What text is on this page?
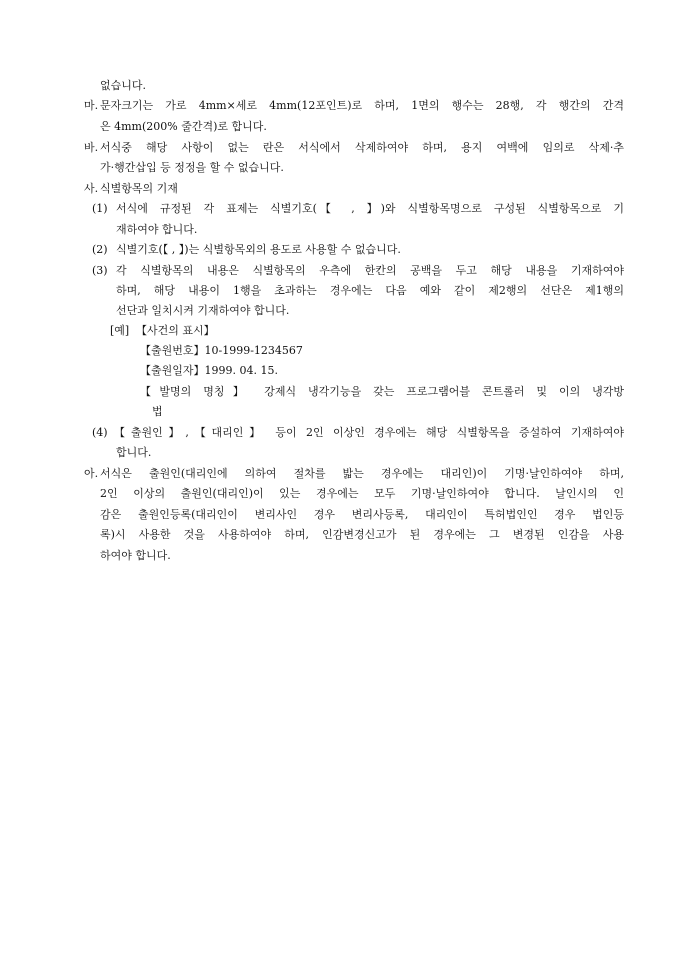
없습니다.
마. 문자크기는 가로 4mm×세로 4mm(12포인트)로 하며, 1면의 행수는 28행, 각 행간의 간격
은 4mm(200% 줄간격)로 합니다.
바. 서식중 해당 사항이 없는 란은 서식에서 삭제하여야 하며, 용지 여백에 임의로 삭제·추
가·행간삽입 등 정정을 할 수 없습니다.
사. 식별항목의 기재
(1) 서식에 규정된 각 표제는 식별기호(【 , 】)와 식별항목명으로 구성된 식별항목으로 기
재하여야 합니다.
(2) 식별기호(【 , 】)는 식별항목외의 용도로 사용할 수 없습니다.
(3) 각 식별항목의 내용은 식별항목의 우측에 한칸의 공백을 두고 해당 내용을 기재하여야
하며, 해당 내용이 1행을 초과하는 경우에는 다음 예와 같이 제2행의 선단은 제1행의
선단과 일치시켜 기재하여야 합니다.
[예] 【사건의 표시】
【출원번호】10-1999-1234567
【출원일자】1999. 04. 15.
【발명의 명칭】 강제식 냉각기능을 갖는 프로그램어블 콘트롤러 및 이의 냉각방
법
(4) 【출원인】,【대리인】 등이 2인 이상인 경우에는 해당 식별항목을 증설하여 기재하여야
합니다.
아. 서식은 출원인(대리인에 의하여 절차를 밟는 경우에는 대리인)이 기명·날인하여야 하며,
2인 이상의 출원인(대리인)이 있는 경우에는 모두 기명·날인하여야 합니다. 날인시의 인
감은 출원인등록(대리인이 변리사인 경우 변리사등록, 대리인이 특허법인인 경우 법인등
록)시 사용한 것을 사용하여야 하며, 인감변경신고가 된 경우에는 그 변경된 인감을 사용
하여야 합니다.
